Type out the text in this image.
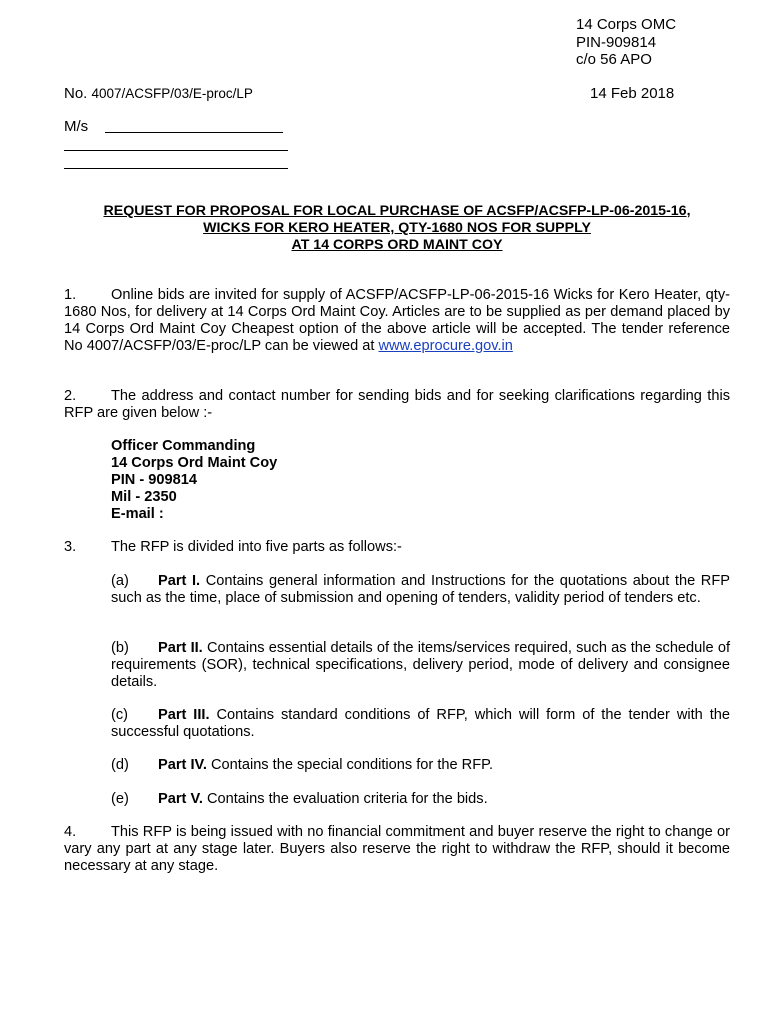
14 Corps OMC
PIN-909814
c/o 56 APO
No. 4007/ACSFP/03/E-proc/LP	14 Feb 2018
M/s
REQUEST FOR PROPOSAL FOR LOCAL PURCHASE OF ACSFP/ACSFP-LP-06-2015-16,
WICKS FOR KERO HEATER, QTY-1680 NOS FOR SUPPLY
AT 14 CORPS ORD MAINT COY
1. Online bids are invited for supply of ACSFP/ACSFP-LP-06-2015-16 Wicks for Kero Heater, qty- 1680 Nos, for delivery at 14 Corps Ord Maint Coy. Articles are to be supplied as per demand placed by 14 Corps Ord Maint Coy Cheapest option of the above article will be accepted. The tender reference No 4007/ACSFP/03/E-proc/LP can be viewed at www.eprocure.gov.in
2. The address and contact number for sending bids and for seeking clarifications regarding this RFP are given below :-
Officer Commanding
14 Corps Ord Maint Coy
PIN - 909814
Mil - 2350
E-mail :
3. The RFP is divided into five parts as follows:-
(a) Part I. Contains general information and Instructions for the quotations about the RFP such as the time, place of submission and opening of tenders, validity period of tenders etc.
(b) Part II. Contains essential details of the items/services required, such as the schedule of requirements (SOR), technical specifications, delivery period, mode of delivery and consignee details.
(c) Part III. Contains standard conditions of RFP, which will form of the tender with the successful quotations.
(d) Part IV. Contains the special conditions for the RFP.
(e) Part V. Contains the evaluation criteria for the bids.
4. This RFP is being issued with no financial commitment and buyer reserve the right to change or vary any part at any stage later. Buyers also reserve the right to withdraw the RFP, should it become necessary at any stage.
